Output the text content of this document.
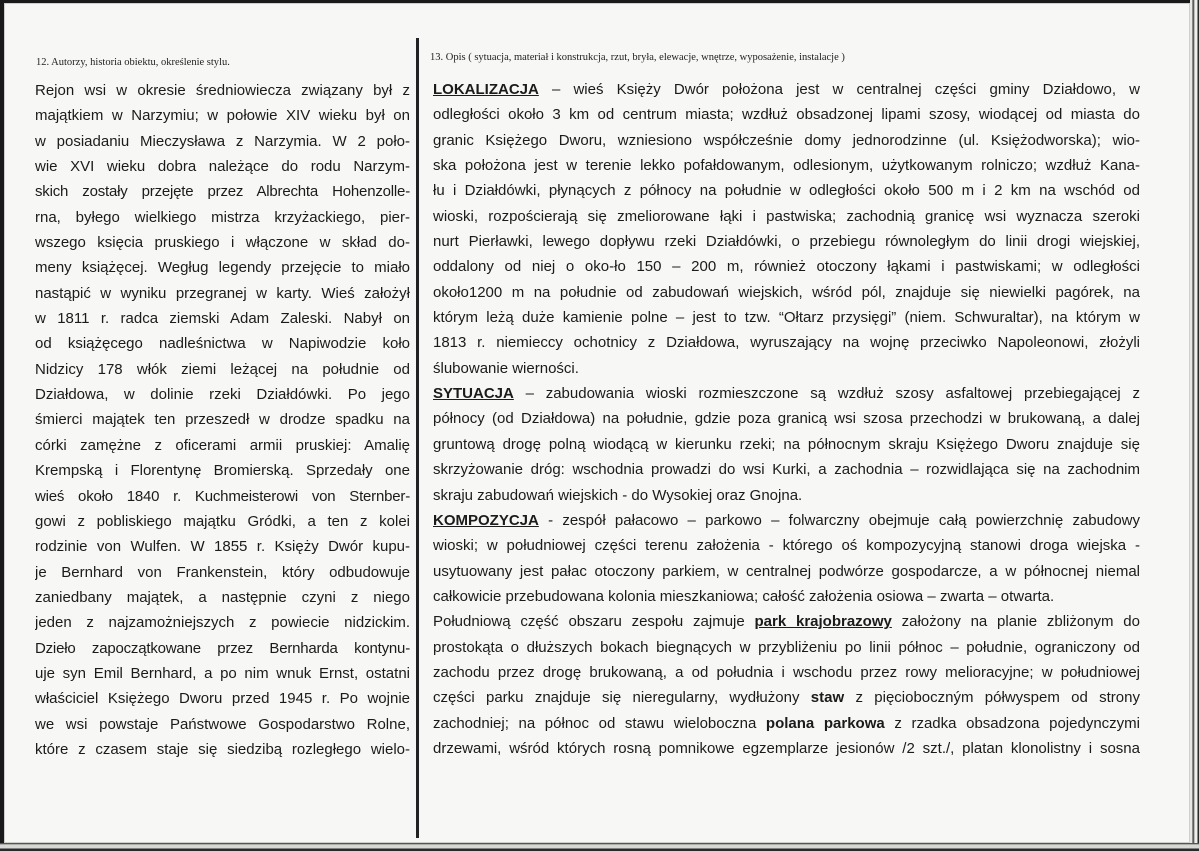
12. Autorzy, historia obiektu, określenie stylu.
Rejon wsi w okresie średniowiecza związany był z
majątkiem w Narzymiu; w połowie XIV wieku był on
w posiadaniu Mieczysława z Narzymia. W 2 poło-
wie XVI wieku dobra należące do rodu Narzym-
skich zostały przejęte przez Albrechta Hohenzolle-
rna, byłego wielkiego mistrza krzyżackiego, pier-
wszego księcia pruskiego i włączone w skład do-
meny książęcej. Wegług legendy przejęcie to miało
nastąpić w wyniku przegranej w karty. Wieś założył
w 1811 r. radca ziemski Adam Zaleski. Nabył on
od książęcego nadleśnictwa w Napiwodzie koło
Nidzicy 178 włók ziemi leżącej na południe od
Działdowa, w dolinie rzeki Działdówki. Po jego
śmierci majątek ten przeszedł w drodze spadku na
córki zamężne z oficerami armii pruskiej: Amalię
Krempską i Florentynę Bromierską. Sprzedały one
wieś około 1840 r. Kuchmeisterowi von Sternber-
gowi z pobliskiego majątku Gródki, a ten z kolei
rodzinie von Wulfen. W 1855 r. Księży Dwór kupu-
je Bernhard von Frankenstein, który odbudowuje
zaniedbany majątek, a następnie czyni z niego
jeden z najzamożniejszych z powiecie nidzickim.
Dzieło zapoczątkowane przez Bernharda kontynu-
uje syn Emil Bernhard, a po nim wnuk Ernst, ostatni
właściciel Księżego Dworu przed 1945 r. Po wojnie
we wsi powstaje Państwowe Gospodarstwo Rolne,
które z czasem staje się siedzibą rozległego wielo-
13. Opis ( sytuacja, materiał i konstrukcja, rzut, bryła, elewacje, wnętrze, wyposażenie, instalacje )
LOKALIZACJA – wieś Księży Dwór położona jest w centralnej części gminy Działdowo, w
odległości około 3 km od centrum miasta; wzdłuż obsadzonej lipami szosy, wiodącej od miasta do
granic Księżego Dworu, wzniesiono współcześnie domy jednorodzinne (ul. Księżodworska); wio-
ska położona jest w terenie lekko pofałdowanym, odlesionym, użytkowanym rolniczo; wzdłuż Kana-
łu i Działdówki, płynących z północy na południe w odległości około 500 m i 2 km na wschód od
wioski, rozpościerają się zmeliorowane łąki i pastwiska; zachodnią granicę wsi wyznacza szeroki
nurt Pierławki, lewego dopływu rzeki Działdówki, o przebiegu równoległym do linii drogi wiejskiej,
oddalony od niej o oko-ło 150 – 200 m, również otoczony łąkami i pastwiskami; w odległości
około1200 m na południe od zabudowań wiejskich, wśród pól, znajduje się niewielki pagórek, na
którym leżą duże kamienie polne – jest to tzw. “Ołtarz przysięgi” (niem. Schwuraltar), na którym w
1813 r. niemieccy ochotnicy z Działdowa, wyruszający na wojnę przeciwko Napoleonowi, złożyli
ślubowanie wierności.
SYTUACJA – zabudowania wioski rozmieszczone są wzdłuż szosy asfaltowej przebiegającej z
północy (od Działdowa) na południe, gdzie poza granicą wsi szosa przechodzi w brukowaną, a dalej
gruntową drogę polną wiodącą w kierunku rzeki; na północnym skraju Księżego Dworu znajduje się
skrzyżowanie dróg: wschodnia prowadzi do wsi Kurki, a zachodnia – rozwidlająca się na zachodnim
skraju zabudowań wiejskich - do Wysokiej oraz Gnojna.
KOMPOZYCJA - zespół pałacowo – parkowo – folwarczny obejmuje całą powierzchnię zabudowy
wioski; w południowej części terenu założenia - którego oś kompozycyjną stanowi droga wiejska -
usytuowany jest pałac otoczony parkiem, w centralnej podwórze gospodarcze, a w północnej niemal
całkowicie przebudowana kolonia mieszkaniowa; całość założenia osiowa – zwarta – otwarta.
Południową część obszaru zespołu zajmuje park krajobrazowy założony na planie zbliżonym do
prostokąta o dłuższych bokach biegnących w przybliżeniu po linii północ – południe, ograniczony od
zachodu przez drogę brukowaną, a od południa i wschodu przez rowy melioracyjne; w południowej
części parku znajduje się nieregularny, wydłużony staw z pięcioboczným półwyspem od strony
zachodniej; na północ od stawu wieloboczna polana parkowa z rzadka obsadzona pojedynczymi
drzewami, wśród których rosną pomnikowe egzemplarze jesionów /2 szt./, platan klonolistny i sosna
